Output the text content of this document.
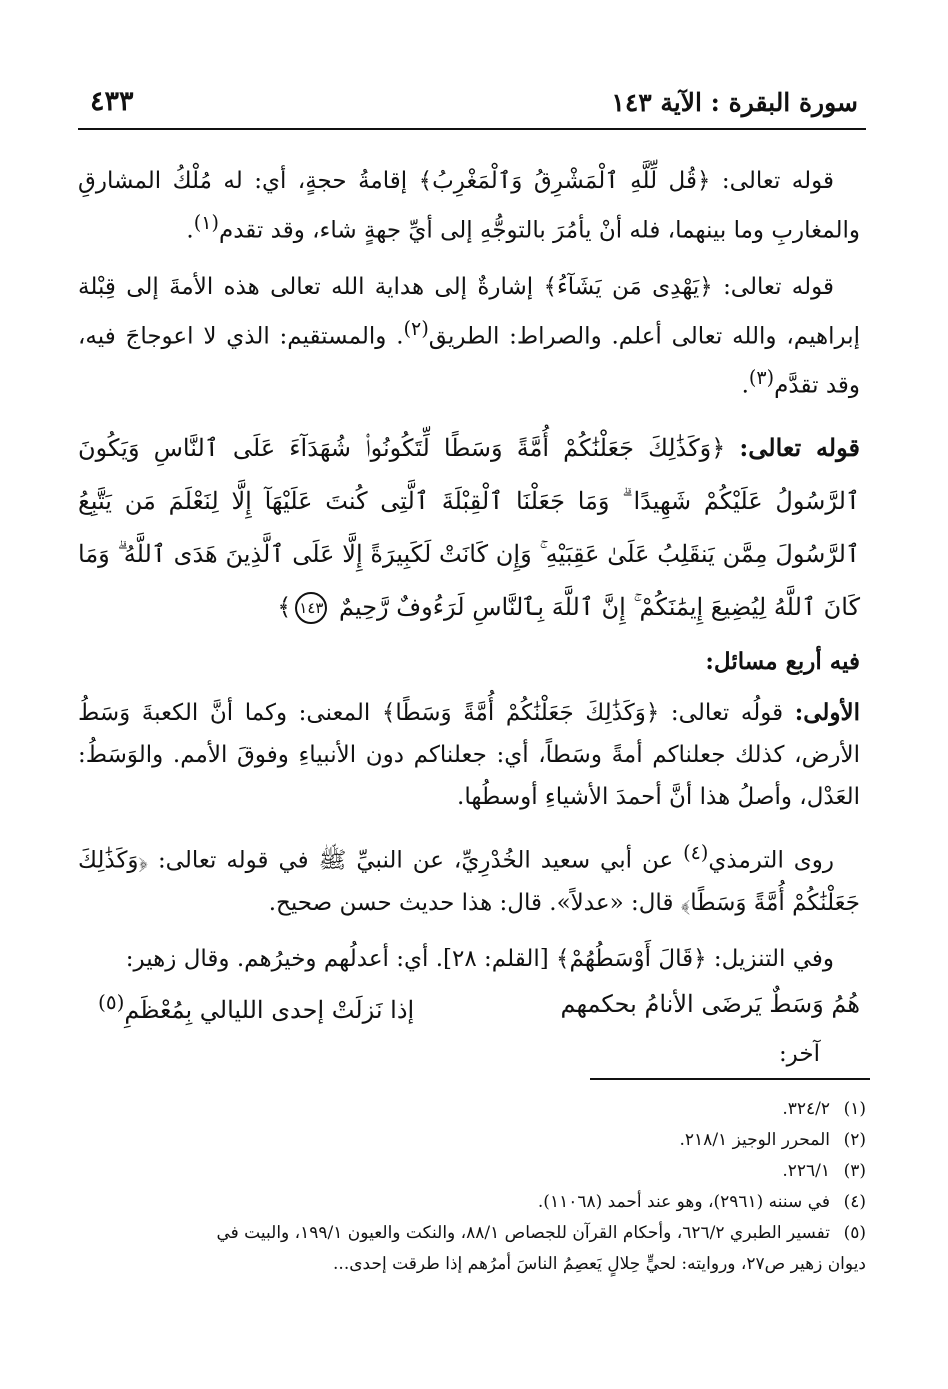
سورة البقرة : الآية ١٤٣
٤٣٣

قوله تعالى: ﴿قُل لِّلَّهِ ٱلْمَشْرِقُ وَٱلْمَغْرِبُ﴾ إقامةُ حجةٍ، أي: له مُلْكُ المشارقِ والمغاربِ وما بينهما، فله أنْ يأمُرَ بالتوجُّهِ إلى أيِّ جهةٍ شاء، وقد تقدم$^{(١)}$.

قوله تعالى: ﴿يَهْدِى مَن يَشَآءُ﴾ إشارةٌ إلى هداية الله تعالى هذه الأمةَ إلى قِبْلة إبراهيم، والله تعالى أعلم. والصراط: الطريق$^{(٢)}$. والمستقيم: الذي لا اعوجاجَ فيه، وقد تقدَّم$^{(٣)}$.

قوله تعالى: ﴿وَكَذَٰلِكَ جَعَلْنَٰكُمْ أُمَّةً وَسَطًا لِّتَكُونُوا۟ شُهَدَآءَ عَلَى ٱلنَّاسِ وَيَكُونَ ٱلرَّسُولُ عَلَيْكُمْ شَهِيدًا ۗ وَمَا جَعَلْنَا ٱلْقِبْلَةَ ٱلَّتِى كُنتَ عَلَيْهَآ إِلَّا لِنَعْلَمَ مَن يَتَّبِعُ ٱلرَّسُولَ مِمَّن يَنقَلِبُ عَلَىٰ عَقِبَيْهِ ۚ وَإِن كَانَتْ لَكَبِيرَةً إِلَّا عَلَى ٱلَّذِينَ هَدَى ٱللَّهُ ۗ وَمَا كَانَ ٱللَّهُ لِيُضِيعَ إِيمَٰنَكُمْ ۚ إِنَّ ٱللَّهَ بِٱلنَّاسِ لَرَءُوفٌ رَّحِيمٌ ١٤٣﴾

فيه أربع مسائل:

الأولى: قولُه تعالى: ﴿وَكَذَٰلِكَ جَعَلْنَٰكُمْ أُمَّةً وَسَطًا﴾ المعنى: وكما أنَّ الكعبةَ وَسَطُ الأرض، كذلك جعلناكم أمةً وسَطاً، أي: جعلناكم دون الأنبياءِ وفوقَ الأمم. والوَسَطُ: العَدْل، وأصلُ هذا أنَّ أحمدَ الأشياءِ أوسطُها.

روى الترمذي$^{(٤)}$ عن أبي سعيد الخُدْرِيِّ، عن النبيِّ ﷺ في قوله تعالى: ﴿وَكَذَٰلِكَ جَعَلْنَٰكُمْ أُمَّةً وَسَطًا﴾ قال: «عدلاً». قال: هذا حديث حسن صحيح.

وفي التنزيل: ﴿قَالَ أَوْسَطُهُمْ﴾ [القلم: ٢٨]. أي: أعدلُهم وخيرُهم. وقال زهير:

هُمُ وَسَطٌ يَرضَى الأنامُ بحكمهم
إذا نَزلَتْ إحدى الليالي بِمُعْظَمِ$^{(٥)}$
آخر:
(١)٣٢٤/٢.
(٢)المحرر الوجيز ٢١٨/١.
(٣)٢٢٦/١.
(٤)في سننه (٢٩٦١)، وهو عند أحمد (١١٠٦٨).
(٥)تفسير الطبري ٦٢٦/٢، وأحكام القرآن للجصاص ٨٨/١، والنكت والعيون ١٩٩/١، والبيت في
ديوان زهير ص٢٧، وروايته: لحيٍّ حِلالٍ يَعصِمُ الناسَ أمرُهم إذا طرقت إحدى...
